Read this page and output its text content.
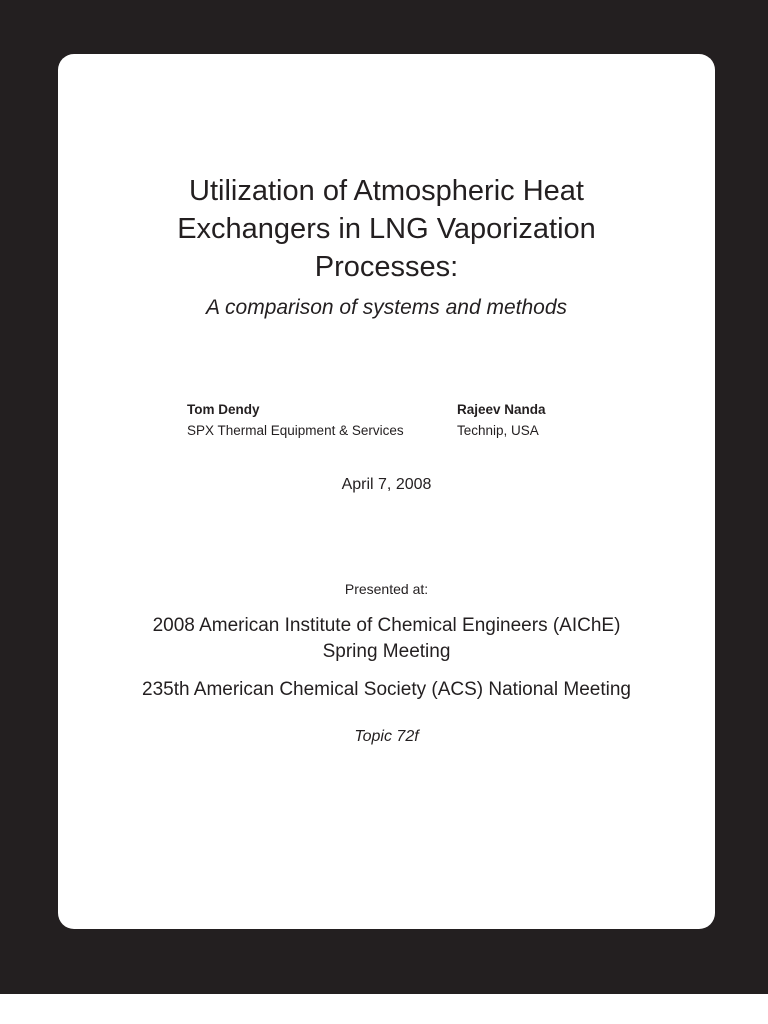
Utilization of Atmospheric Heat
Exchangers in LNG Vaporization
Processes:
A comparison of systems and methods
Tom Dendy
SPX Thermal Equipment & Services
Rajeev Nanda
Technip, USA
April 7, 2008
Presented at:
2008 American Institute of Chemical Engineers (AIChE)
Spring Meeting
235th American Chemical Society (ACS) National Meeting
Topic 72f
